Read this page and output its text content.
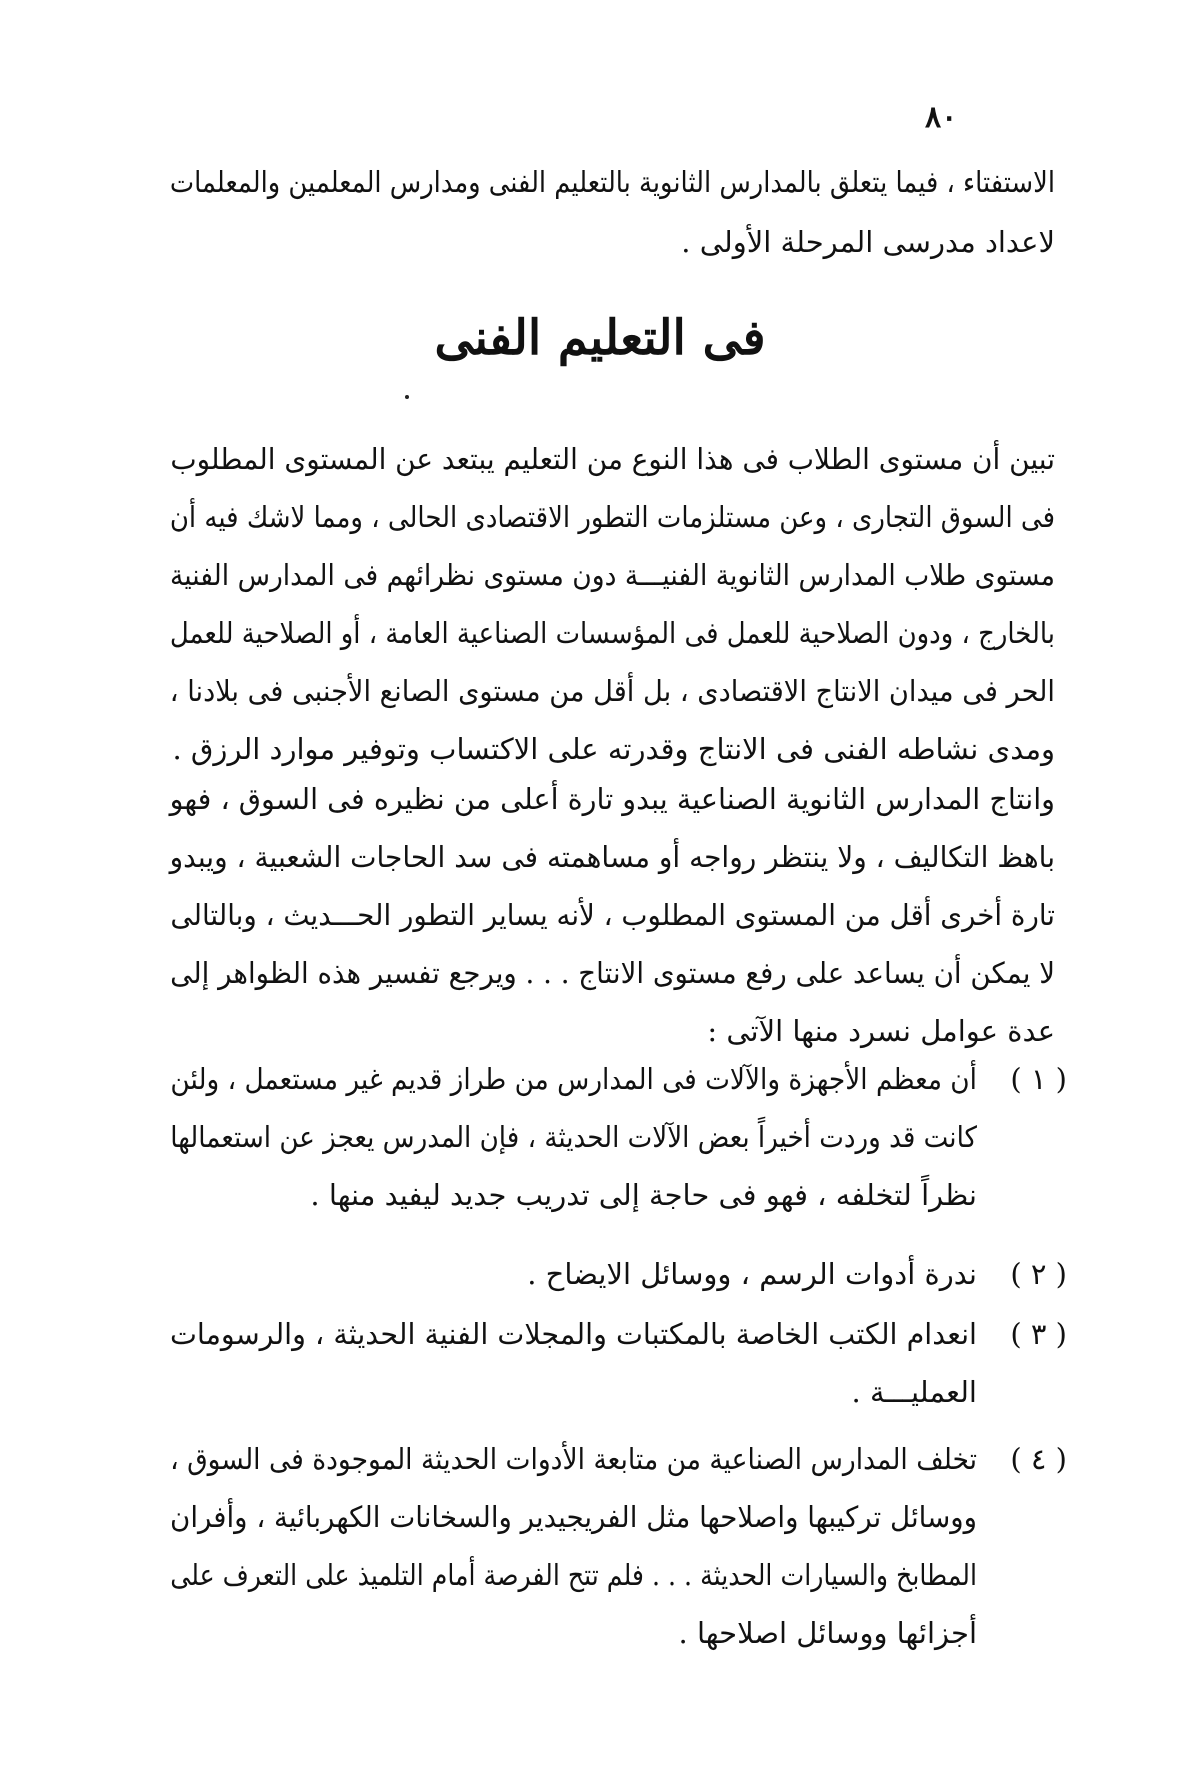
٨٠
الاستفتاء ، فيما يتعلق بالمدارس الثانوية بالتعليم الفنى ومدارس المعلمين والمعلمات
لاعداد مدرسى المرحلة الأولى .
فى التعليم الفنى
تبين أن مستوى الطلاب فى هذا النوع من التعليم يبتعد عن المستوى المطلوب
فى السوق التجارى ، وعن مستلزمات التطور الاقتصادى الحالى ، ومما لاشك فيه أن
مستوى طلاب المدارس الثانوية الفنيـــة دون مستوى نظرائهم فى المدارس الفنية
بالخارج ، ودون الصلاحية للعمل فى المؤسسات الصناعية العامة ، أو الصلاحية للعمل
الحر فى ميدان الانتاج الاقتصادى ، بل أقل من مستوى الصانع الأجنبى فى بلادنا ،
ومدى نشاطه الفنى فى الانتاج وقدرته على الاكتساب وتوفير موارد الرزق .
وانتاج المدارس الثانوية الصناعية يبدو تارة أعلى من نظيره فى السوق ، فهو
باهظ التكاليف ، ولا ينتظر رواجه أو مساهمته فى سد الحاجات الشعبية ، ويبدو
تارة أخرى أقل من المستوى المطلوب ، لأنه يساير التطور الحـــديث ، وبالتالى
لا يمكن أن يساعد على رفع مستوى الانتاج . . . ويرجع تفسير هذه الظواهر إلى
عدة عوامل نسرد منها الآتى :
( ١ )
أن معظم الأجهزة والآلات فى المدارس من طراز قديم غير مستعمل ، ولئن
كانت قد وردت أخيراً بعض الآلات الحديثة ، فإن المدرس يعجز عن استعمالها
نظراً لتخلفه ، فهو فى حاجة إلى تدريب جديد ليفيد منها .
( ٢ )
ندرة أدوات الرسم ، ووسائل الايضاح .
( ٣ )
انعدام الكتب الخاصة بالمكتبات والمجلات الفنية الحديثة ، والرسومات
العمليـــة .
( ٤ )
تخلف المدارس الصناعية من متابعة الأدوات الحديثة الموجودة فى السوق ،
ووسائل تركيبها واصلاحها مثل الفريجيدير والسخانات الكهربائية ، وأفران
المطابخ والسيارات الحديثة . . . فلم تتح الفرصة أمام التلميذ على التعرف على
أجزائها ووسائل اصلاحها .
